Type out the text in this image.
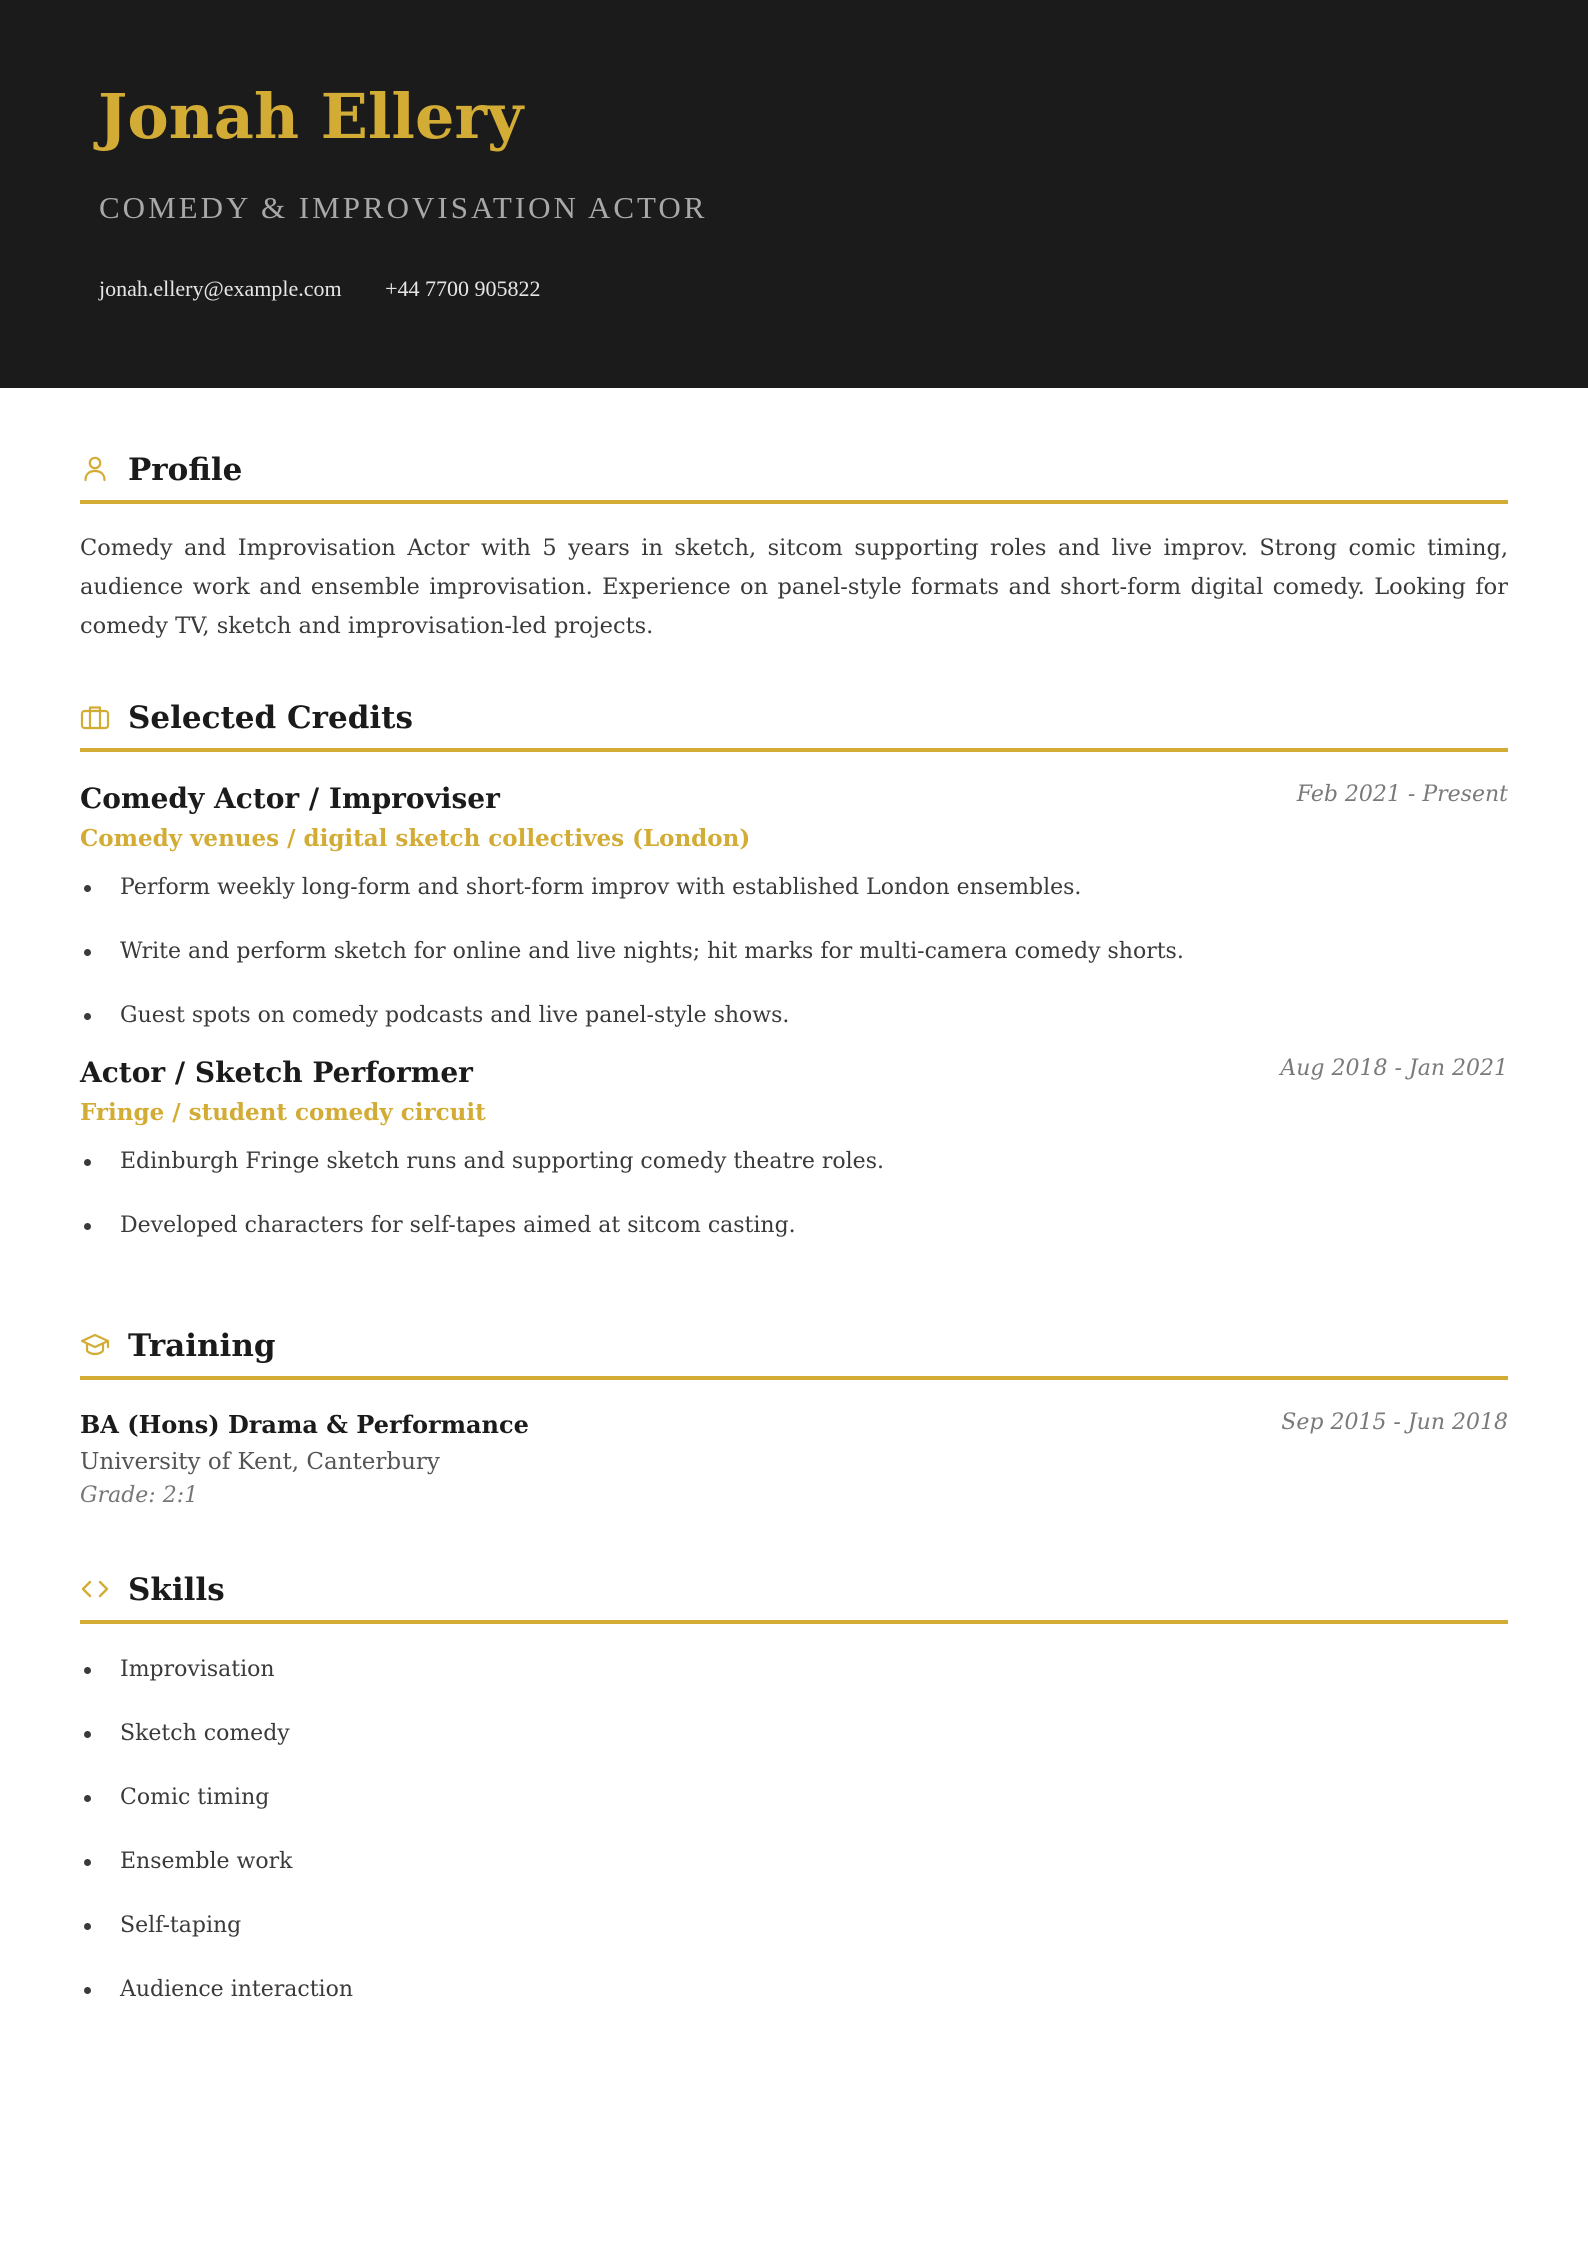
Jonah Ellery
COMEDY & IMPROVISATION ACTOR
jonah.ellery@example.com +44 7700 905822
Profile

Comedy and Improvisation Actor with 5 years in sketch, sitcom supporting roles and live improv. Strong comic timing, audience work and ensemble improvisation. Experience on panel-style formats and short-form digital comedy. Looking for comedy TV, sketch and improvisation-led projects.

Selected Credits
Comedy Actor / Improviser	Feb 2021 - Present
Comedy venues / digital sketch collectives (London)
Perform weekly long-form and short-form improv with established London ensembles.
Write and perform sketch for online and live nights; hit marks for multi-camera comedy shorts.
Guest spots on comedy podcasts and live panel-style shows.
Actor / Sketch Performer	Aug 2018 - Jan 2021
Fringe / student comedy circuit
Edinburgh Fringe sketch runs and supporting comedy theatre roles.
Developed characters for self-tapes aimed at sitcom casting.
Training
BA (Hons) Drama & Performance	Sep 2015 - Jun 2018
University of Kent, Canterbury
Grade: 2:1
Skills
Improvisation
Sketch comedy
Comic timing
Ensemble work
Self-taping
Audience interaction
